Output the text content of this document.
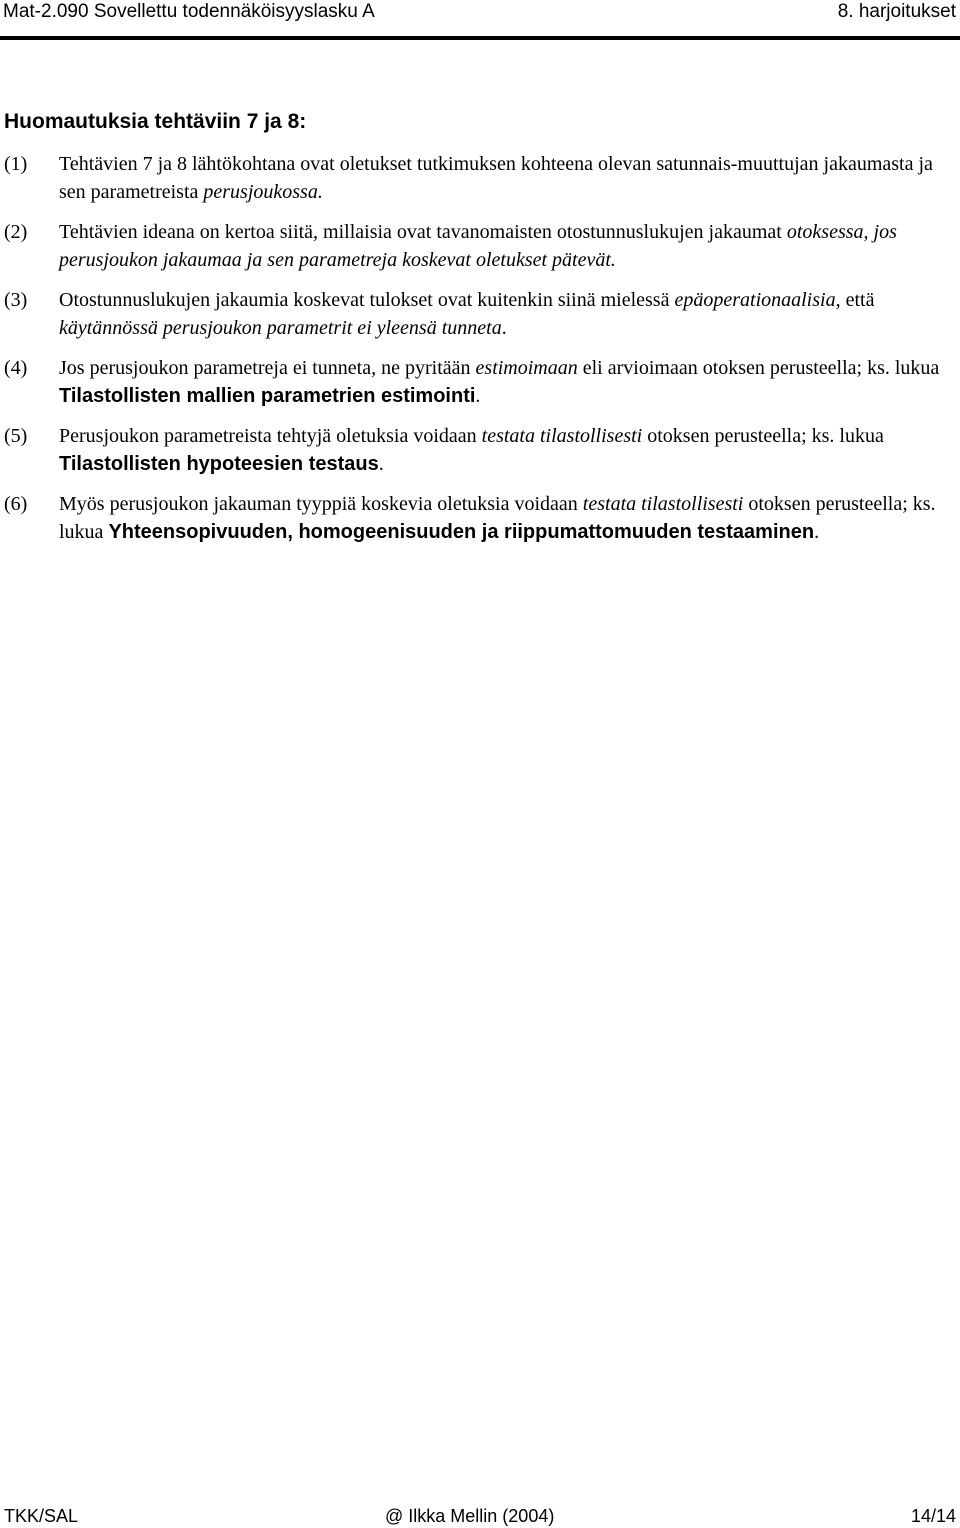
Mat-2.090 Sovellettu todennäköisyyslasku A	8. harjoitukset
Huomautuksia tehtäviin 7 ja 8:
(1) Tehtävien 7 ja 8 lähtökohtana ovat oletukset tutkimuksen kohteena olevan satunnais-muuttujan jakaumasta ja sen parametreista perusjoukossa.
(2) Tehtävien ideana on kertoa siitä, millaisia ovat tavanomaisten otostunnuslukujen jakaumat otoksessa, jos perusjoukon jakaumaa ja sen parametreja koskevat oletukset pätevät.
(3) Otostunnuslukujen jakaumia koskevat tulokset ovat kuitenkin siinä mielessä epäoperationaalisia, että käytännössä perusjoukon parametrit ei yleensä tunneta.
(4) Jos perusjoukon parametreja ei tunneta, ne pyritään estimoimaan eli arvioimaan otoksen perusteella; ks. lukua Tilastollisten mallien parametrien estimointi.
(5) Perusjoukon parametreista tehtyjä oletuksia voidaan testata tilastollisesti otoksen perusteella; ks. lukua Tilastollisten hypoteesien testaus.
(6) Myös perusjoukon jakauman tyyppiä koskevia oletuksia voidaan testata tilastollisesti otoksen perusteella; ks. lukua Yhteensopivuuden, homogeenisuuden ja riippumattomuuden testaaminen.
TKK/SAL	@ Ilkka Mellin (2004)	14/14
